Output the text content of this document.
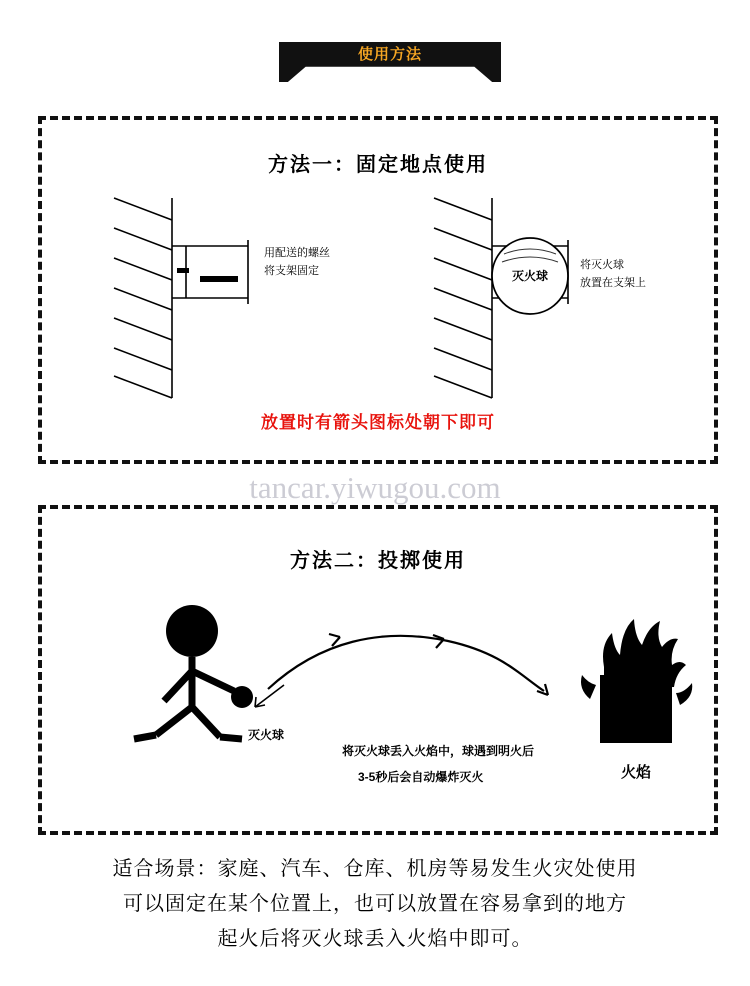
使用方法
方法一：固定地点使用
用配送的螺丝
将支架固定	灭火球
将灭火球
放置在支架上
放置时有箭头图标处朝下即可
tancar.yiwugou.com
方法二：投掷使用
灭火球
火焰
将灭火球丢入火焰中，球遇到明火后
3-5秒后会自动爆炸灭火
适合场景：家庭、汽车、仓库、机房等易发生火灾处使用
可以固定在某个位置上，也可以放置在容易拿到的地方
起火后将灭火球丢入火焰中即可。
